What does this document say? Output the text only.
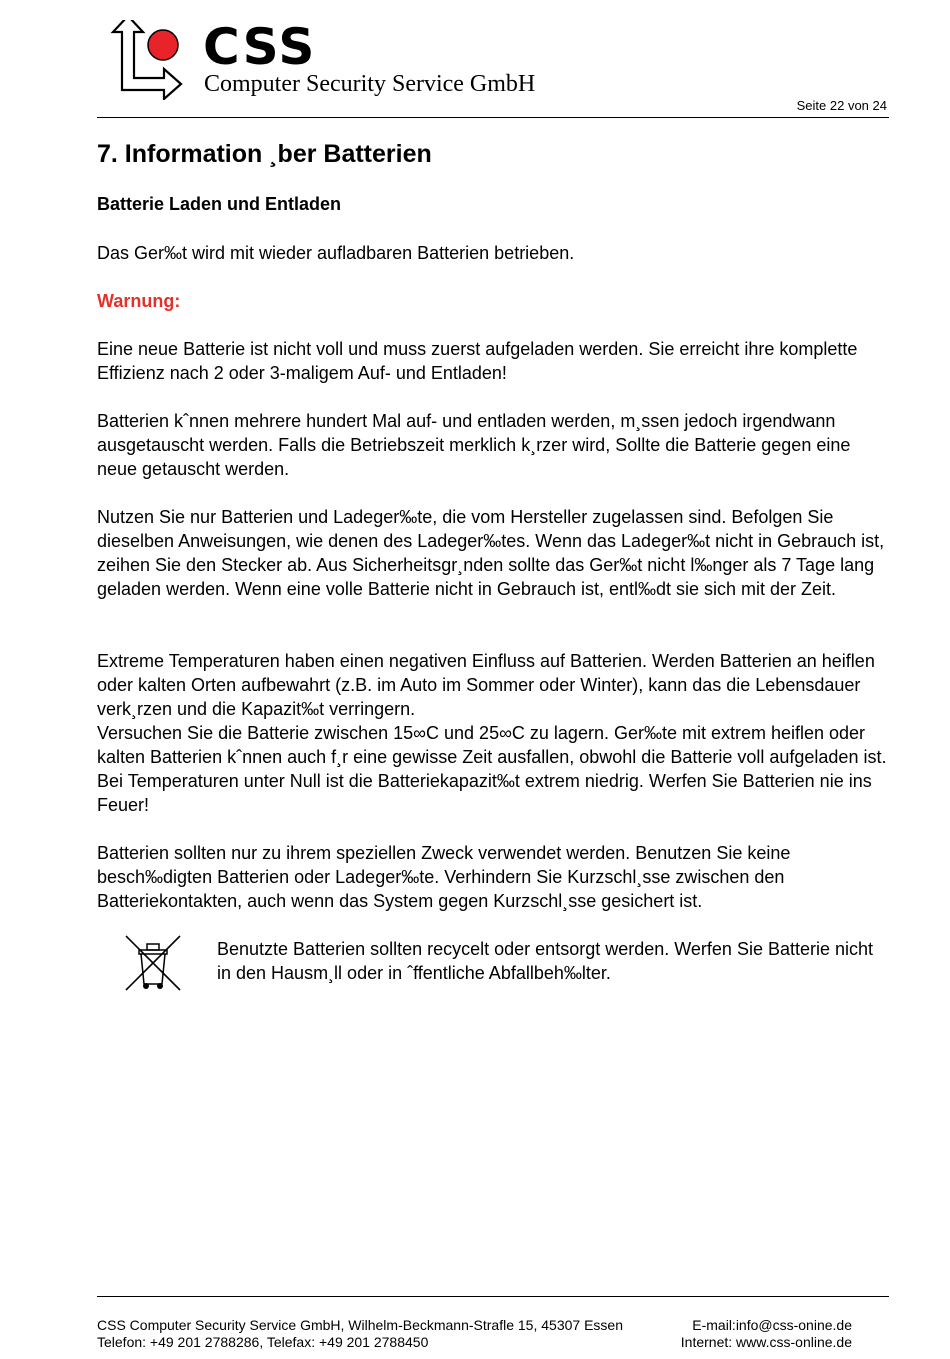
CSS
Computer Security Service GmbH
Seite 22 von 24
7. Information ¸ber Batterien
Batterie Laden und Entladen
Das Ger‰t wird mit wieder aufladbaren Batterien betrieben.
Warnung:
Eine neue Batterie ist nicht voll und muss zuerst aufgeladen werden. Sie erreicht ihre komplette Effizienz nach 2 oder 3-maligem Auf- und Entladen!
Batterien kˆnnen mehrere hundert Mal auf- und entladen werden, m¸ssen jedoch irgendwann ausgetauscht werden. Falls die Betriebszeit merklich k¸rzer wird, Sollte die Batterie gegen eine neue getauscht werden.
Nutzen Sie nur Batterien und Ladeger‰te, die vom Hersteller zugelassen sind. Befolgen Sie dieselben Anweisungen, wie denen des Ladeger‰tes. Wenn das Ladeger‰t nicht in Gebrauch ist, zeihen Sie den Stecker ab. Aus Sicherheitsgr¸nden sollte das Ger‰t nicht l‰nger als 7 Tage lang geladen werden. Wenn eine volle Batterie nicht in Gebrauch ist, entl‰dt sie sich mit der Zeit.
Extreme Temperaturen haben einen negativen Einfluss auf Batterien. Werden Batterien an heiflen oder kalten Orten aufbewahrt (z.B. im Auto im Sommer oder Winter), kann das die Lebensdauer verk¸rzen und die Kapazit‰t verringern.
Versuchen Sie die Batterie zwischen 15∞C und 25∞C zu lagern. Ger‰te mit extrem heiflen oder kalten Batterien kˆnnen auch f¸r eine gewisse Zeit ausfallen, obwohl die Batterie voll aufgeladen ist. Bei Temperaturen unter Null ist die Batteriekapazit‰t extrem niedrig. Werfen Sie Batterien nie ins Feuer!
Batterien sollten nur zu ihrem speziellen Zweck verwendet werden. Benutzen Sie keine besch‰digten Batterien oder Ladeger‰te. Verhindern Sie Kurzschl¸sse zwischen den Batteriekontakten, auch wenn das System gegen Kurzschl¸sse gesichert ist.
Benutzte Batterien sollten recycelt oder entsorgt werden. Werfen Sie Batterie nicht in den Hausm¸ll oder in ˆffentliche Abfallbeh‰lter.
CSS Computer Security Service GmbH, Wilhelm-Beckmann-Strafle 15, 45307 Essen
Telefon: +49 201 2788286, Telefax: +49 201 2788450
E-mail:info@css-onine.de
Internet: www.css-online.de
